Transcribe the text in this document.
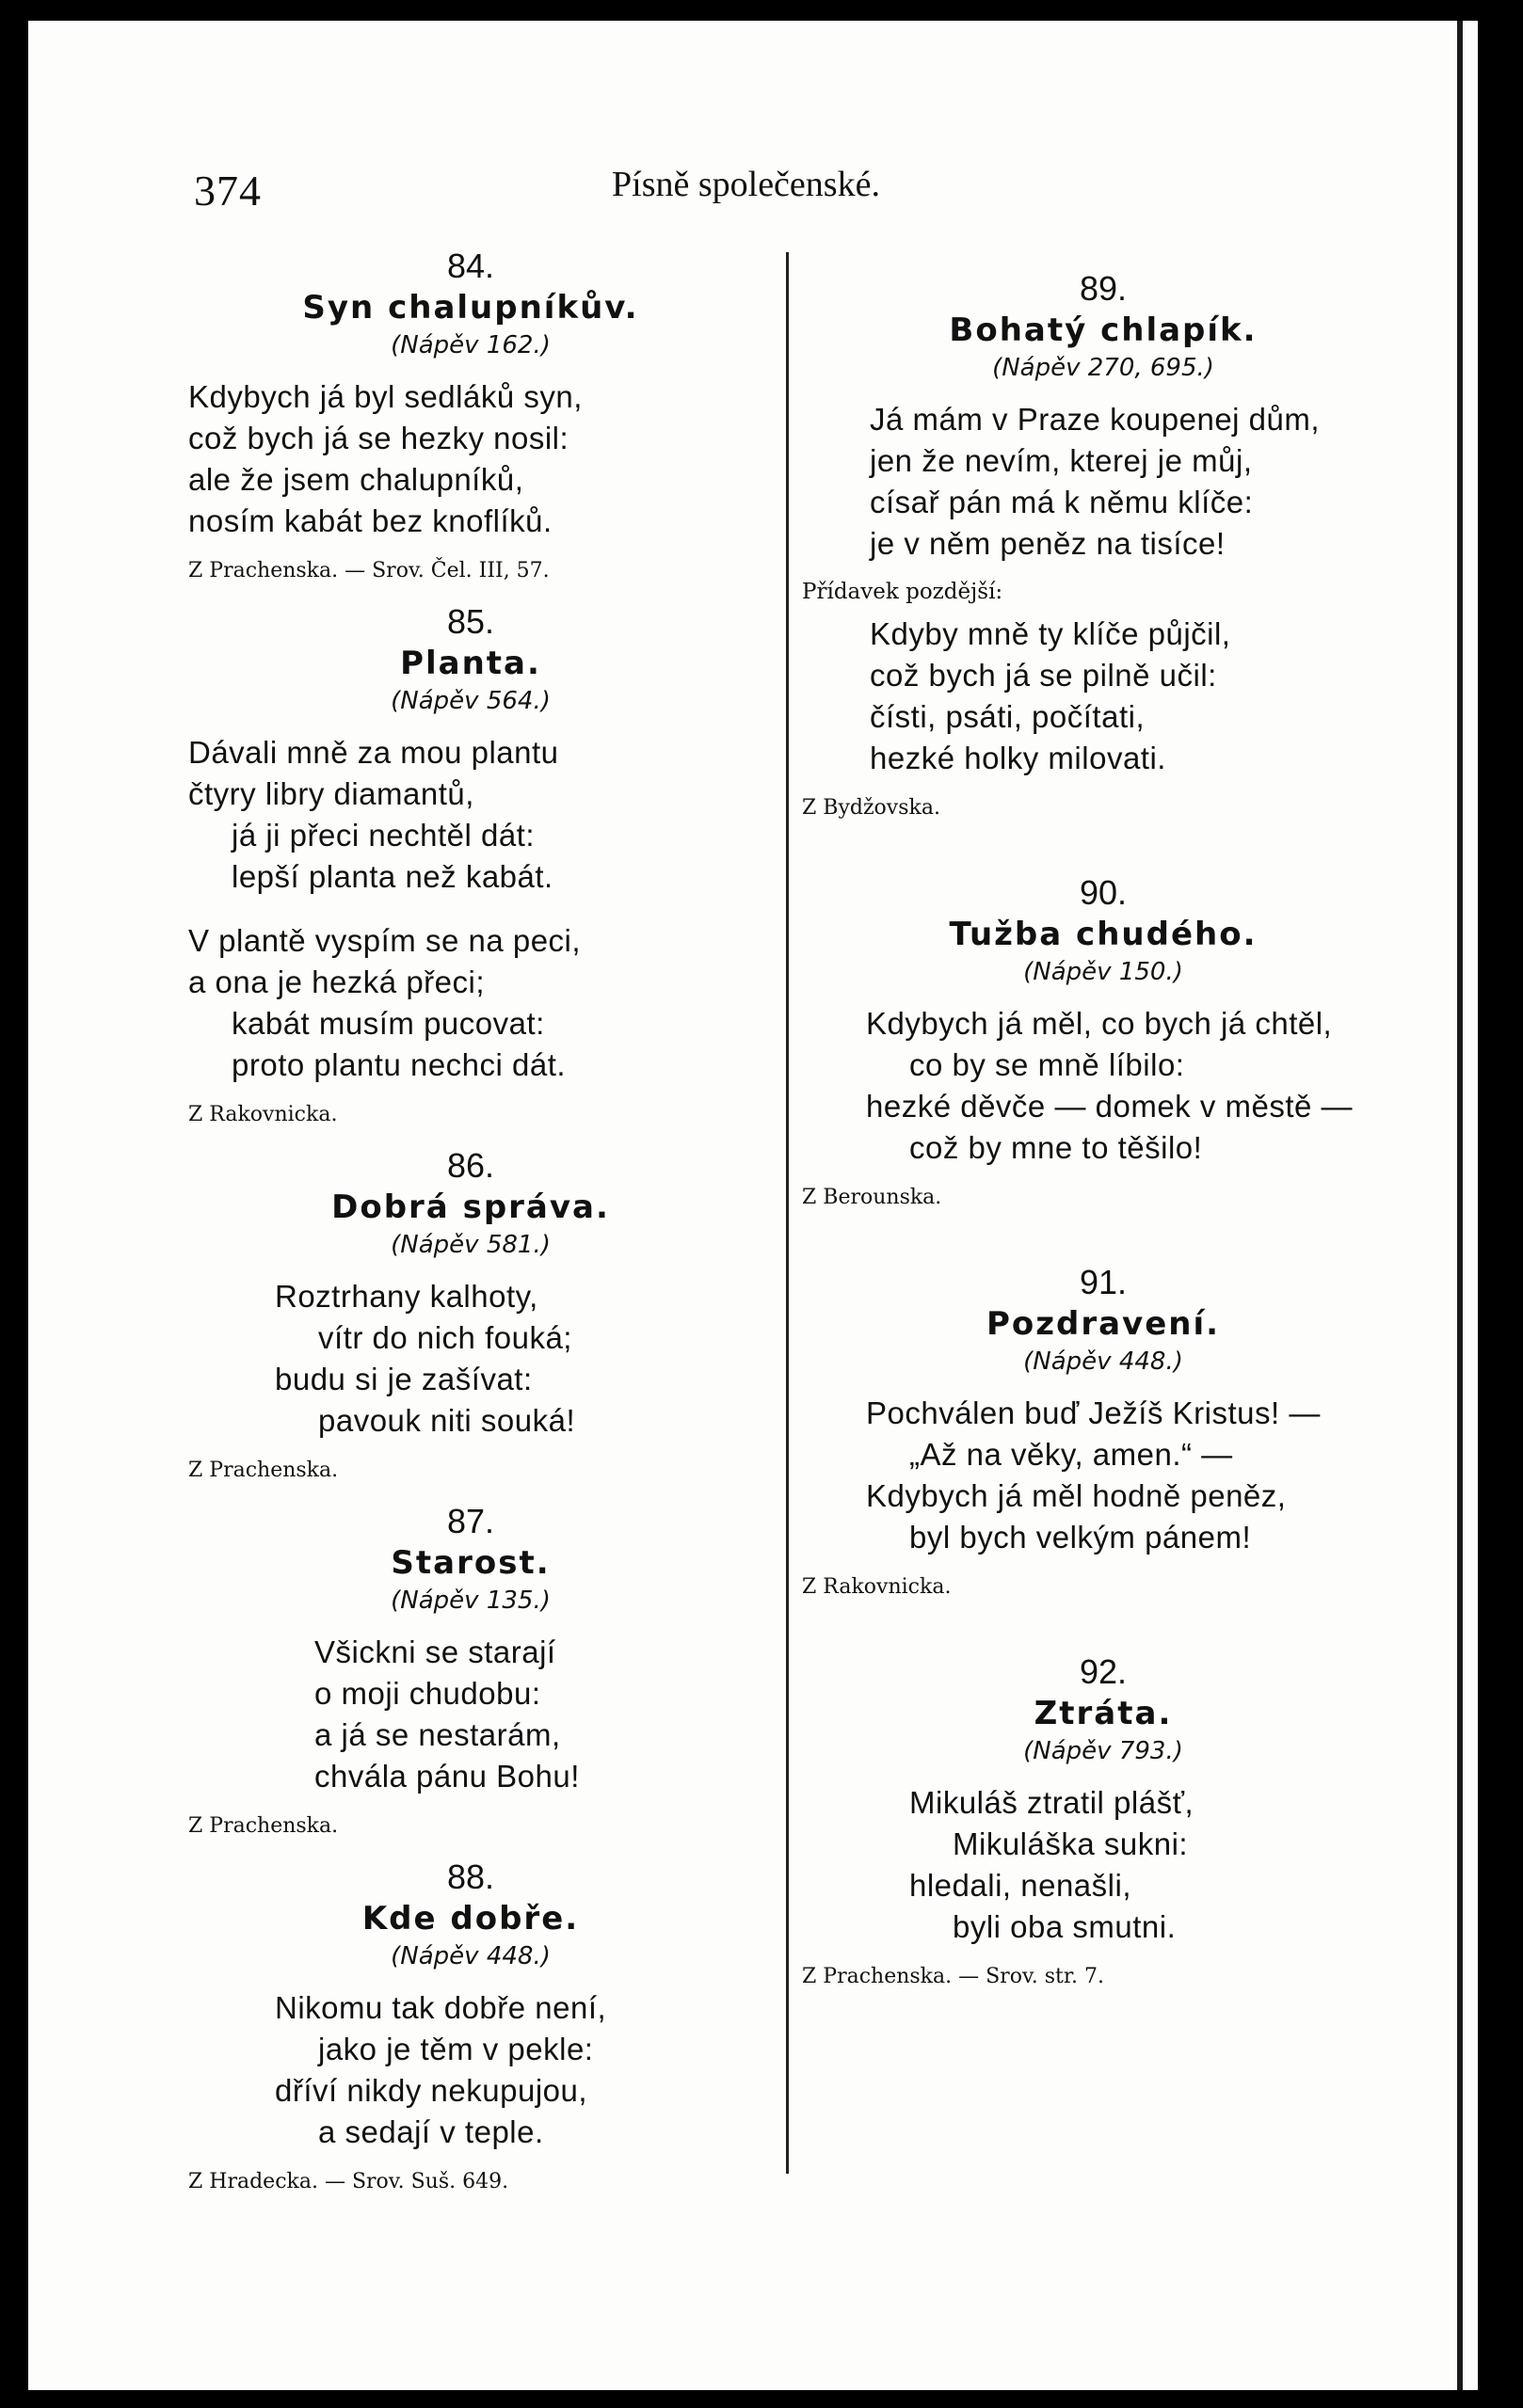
374	Písně společenské.
84.
Syn chalupníkův.
(Nápěv 162.)
Kdybych já byl sedláků syn,
což bych já se hezky nosil:
ale že jsem chalupníků,
nosím kabát bez knoflíků.
Z Prachenska. — Srov. Čel. III, 57.
85.
Planta.
(Nápěv 564.)
Dávali mně za mou plantu
čtyry libry diamantů,
já ji přeci nechtěl dát:
lepší planta než kabát.
V plantě vyspím se na peci,
a ona je hezká přeci;
kabát musím pucovat:
proto plantu nechci dát.
Z Rakovnicka.
86.
Dobrá správa.
(Nápěv 581.)
Roztrhany kalhoty,
vítr do nich fouká;
budu si je zašívat:
pavouk niti souká!
Z Prachenska.
87.
Starost.
(Nápěv 135.)
Všickni se starají
o moji chudobu:
a já se nestarám,
chvála pánu Bohu!
Z Prachenska.
88.
Kde dobře.
(Nápěv 448.)
Nikomu tak dobře není,
jako je těm v pekle:
dříví nikdy nekupujou,
a sedají v teple.
Z Hradecka. — Srov. Suš. 649.
89.
Bohatý chlapík.
(Nápěv 270, 695.)
Já mám v Praze koupenej dům,
jen že nevím, kterej je můj,
císař pán má k němu klíče:
je v něm peněz na tisíce!
Přídavek pozdější:
Kdyby mně ty klíče půjčil,
což bych já se pilně učil:
čísti, psáti, počítati,
hezké holky milovati.
Z Bydžovska.
90.
Tužba chudého.
(Nápěv 150.)
Kdybych já měl, co bych já chtěl,
co by se mně líbilo:
hezké děvče — domek v městě —
což by mne to těšilo!
Z Berounska.
91.
Pozdravení.
(Nápěv 448.)
Pochválen buď Ježíš Kristus! —
„Až na věky, amen.“ —
Kdybych já měl hodně peněz,
byl bych velkým pánem!
Z Rakovnicka.
92.
Ztráta.
(Nápěv 793.)
Mikuláš ztratil plášť,
Mikuláška sukni:
hledali, nenašli,
byli oba smutni.
Z Prachenska. — Srov. str. 7.
